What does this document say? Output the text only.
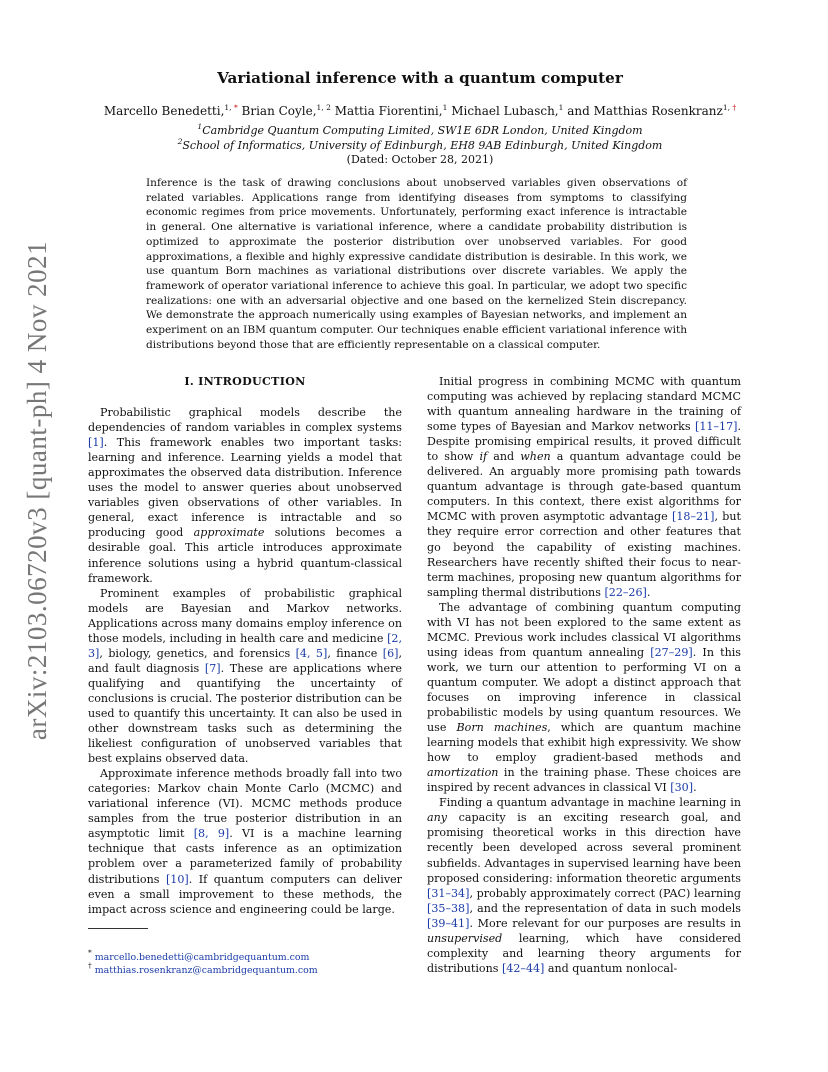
arXiv:2103.06720v3 [quant-ph] 4 Nov 2021
Variational inference with a quantum computer
Marcello Benedetti,$^{1, *}$ Brian Coyle,$^{1, 2}$ Mattia Fiorentini,$^1$ Michael Lubasch,$^1$ and Matthias Rosenkranz$^{1, \dagger}$
$^1$Cambridge Quantum Computing Limited, SW1E 6DR London, United Kingdom
$^2$School of Informatics, University of Edinburgh, EH8 9AB Edinburgh, United Kingdom
(Dated: October 28, 2021)
Inference is the task of drawing conclusions about unobserved variables given observations of related variables. Applications range from identifying diseases from symptoms to classifying economic regimes from price movements. Unfortunately, performing exact inference is intractable in general. One alternative is variational inference, where a candidate probability distribution is optimized to approximate the posterior distribution over unobserved variables. For good approximations, a flexible and highly expressive candidate distribution is desirable. In this work, we use quantum Born machines as variational distributions over discrete variables. We apply the framework of operator variational inference to achieve this goal. In particular, we adopt two specific realizations: one with an adversarial objective and one based on the kernelized Stein discrepancy. We demonstrate the approach numerically using examples of Bayesian networks, and implement an experiment on an IBM quantum computer. Our techniques enable efficient variational inference with distributions beyond those that are efficiently representable on a classical computer.
I. INTRODUCTION

Probabilistic graphical models describe the dependencies of random variables in complex systems [1]. This framework enables two important tasks: learning and inference. Learning yields a model that approximates the observed data distribution. Inference uses the model to answer queries about unobserved variables given observations of other variables. In general, exact inference is intractable and so producing good approximate solutions becomes a desirable goal. This article introduces approximate inference solutions using a hybrid quantum-classical framework.

Prominent examples of probabilistic graphical models are Bayesian and Markov networks. Applications across many domains employ inference on those models, including in health care and medicine [2, 3], biology, genetics, and forensics [4, 5], finance [6], and fault diagnosis [7]. These are applications where qualifying and quantifying the uncertainty of conclusions is crucial. The posterior distribution can be used to quantify this uncertainty. It can also be used in other downstream tasks such as determining the likeliest configuration of unobserved variables that best explains observed data.

Approximate inference methods broadly fall into two categories: Markov chain Monte Carlo (MCMC) and variational inference (VI). MCMC methods produce samples from the true posterior distribution in an asymptotic limit [8, 9]. VI is a machine learning technique that casts inference as an optimization problem over a parameterized family of probability distributions [10]. If quantum computers can deliver even a small improvement to these methods, the impact across science and engineering could be large.

Initial progress in combining MCMC with quantum computing was achieved by replacing standard MCMC with quantum annealing hardware in the training of some types of Bayesian and Markov networks [11–17]. Despite promising empirical results, it proved difficult to show if and when a quantum advantage could be delivered. An arguably more promising path towards quantum advantage is through gate-based quantum computers. In this context, there exist algorithms for MCMC with proven asymptotic advantage [18–21], but they require error correction and other features that go beyond the capability of existing machines. Researchers have recently shifted their focus to near-term machines, proposing new quantum algorithms for sampling thermal distributions [22–26].

The advantage of combining quantum computing with VI has not been explored to the same extent as MCMC. Previous work includes classical VI algorithms using ideas from quantum annealing [27–29]. In this work, we turn our attention to performing VI on a quantum computer. We adopt a distinct approach that focuses on improving inference in classical probabilistic models by using quantum resources. We use Born machines, which are quantum machine learning models that exhibit high expressivity. We show how to employ gradient-based methods and amortization in the training phase. These choices are inspired by recent advances in classical VI [30].

Finding a quantum advantage in machine learning in any capacity is an exciting research goal, and promising theoretical works in this direction have recently been developed across several prominent subfields. Advantages in supervised learning have been proposed considering: information theoretic arguments [31–34], probably approximately correct (PAC) learning [35–38], and the representation of data in such models [39–41]. More relevant for our purposes are results in unsupervised learning, which have considered complexity and learning theory arguments for distributions [42–44] and quantum nonlocal-

* marcello.benedetti@cambridgequantum.com
† matthias.rosenkranz@cambridgequantum.com
